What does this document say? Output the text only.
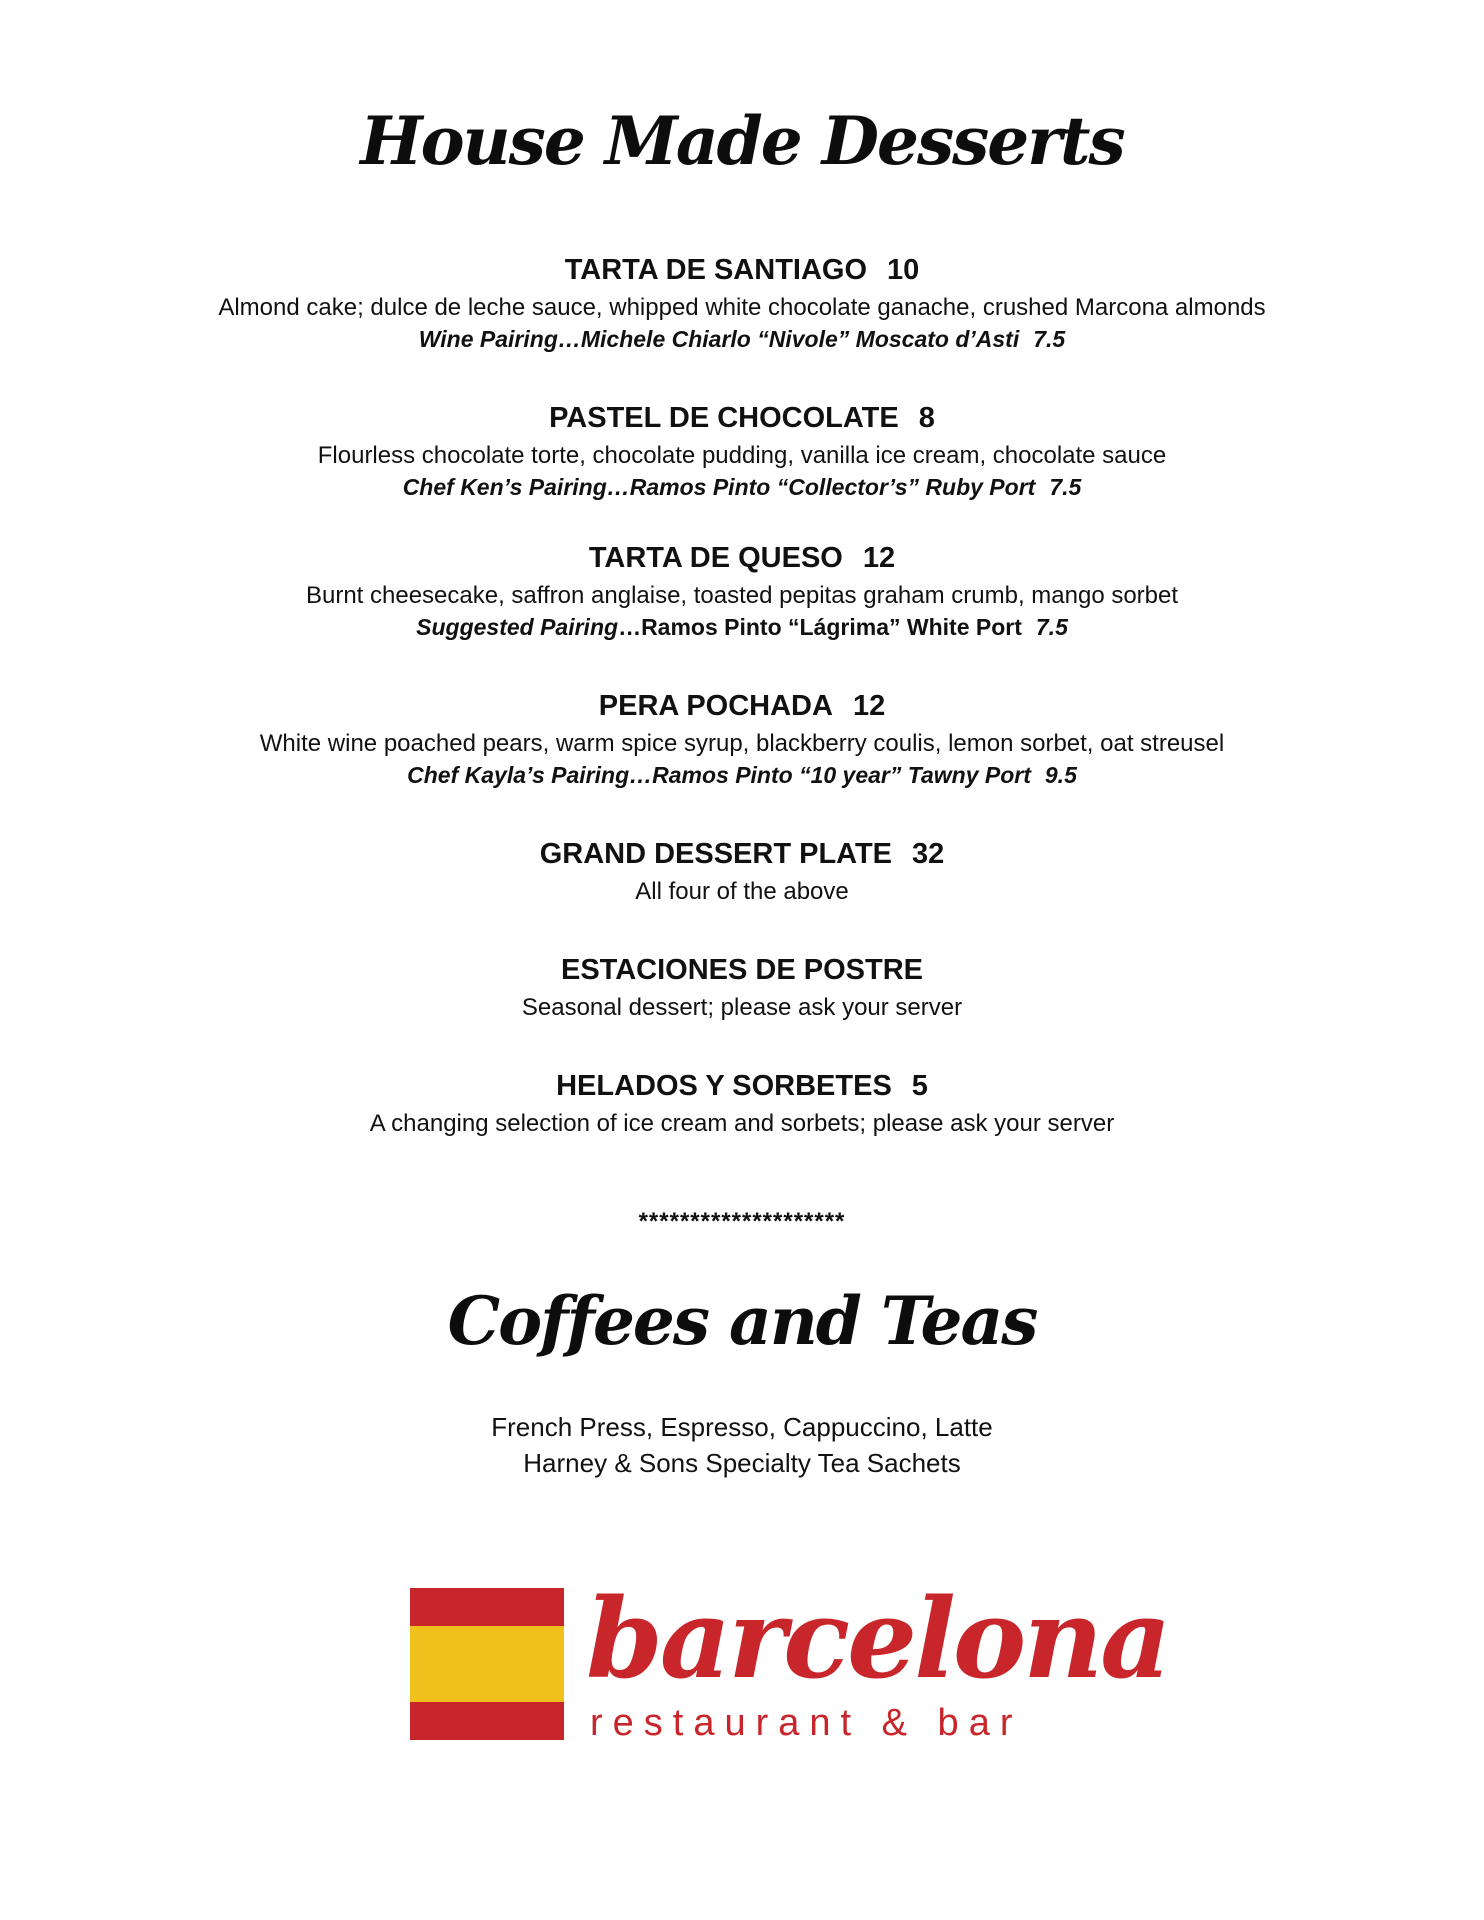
House Made Desserts
TARTA DE SANTIAGO 10
Almond cake; dulce de leche sauce, whipped white chocolate ganache, crushed Marcona almonds
Wine Pairing…Michele Chiarlo “Nivole” Moscato d’Asti 7.5
PASTEL DE CHOCOLATE 8
Flourless chocolate torte, chocolate pudding, vanilla ice cream, chocolate sauce
Chef Ken’s Pairing…Ramos Pinto “Collector’s” Ruby Port 7.5
TARTA DE QUESO 12
Burnt cheesecake, saffron anglaise, toasted pepitas graham crumb, mango sorbet
Suggested Pairing…Ramos Pinto “Lágrima” White Port 7.5
PERA POCHADA 12
White wine poached pears, warm spice syrup, blackberry coulis, lemon sorbet, oat streusel
Chef Kayla’s Pairing…Ramos Pinto “10 year” Tawny Port 9.5
GRAND DESSERT PLATE 32
All four of the above
ESTACIONES DE POSTRE
Seasonal dessert; please ask your server
HELADOS Y SORBETES 5
A changing selection of ice cream and sorbets; please ask your server
********************
Coffees and Teas
French Press, Espresso, Cappuccino, Latte
Harney & Sons Specialty Tea Sachets
barcelona
restaurant & bar
